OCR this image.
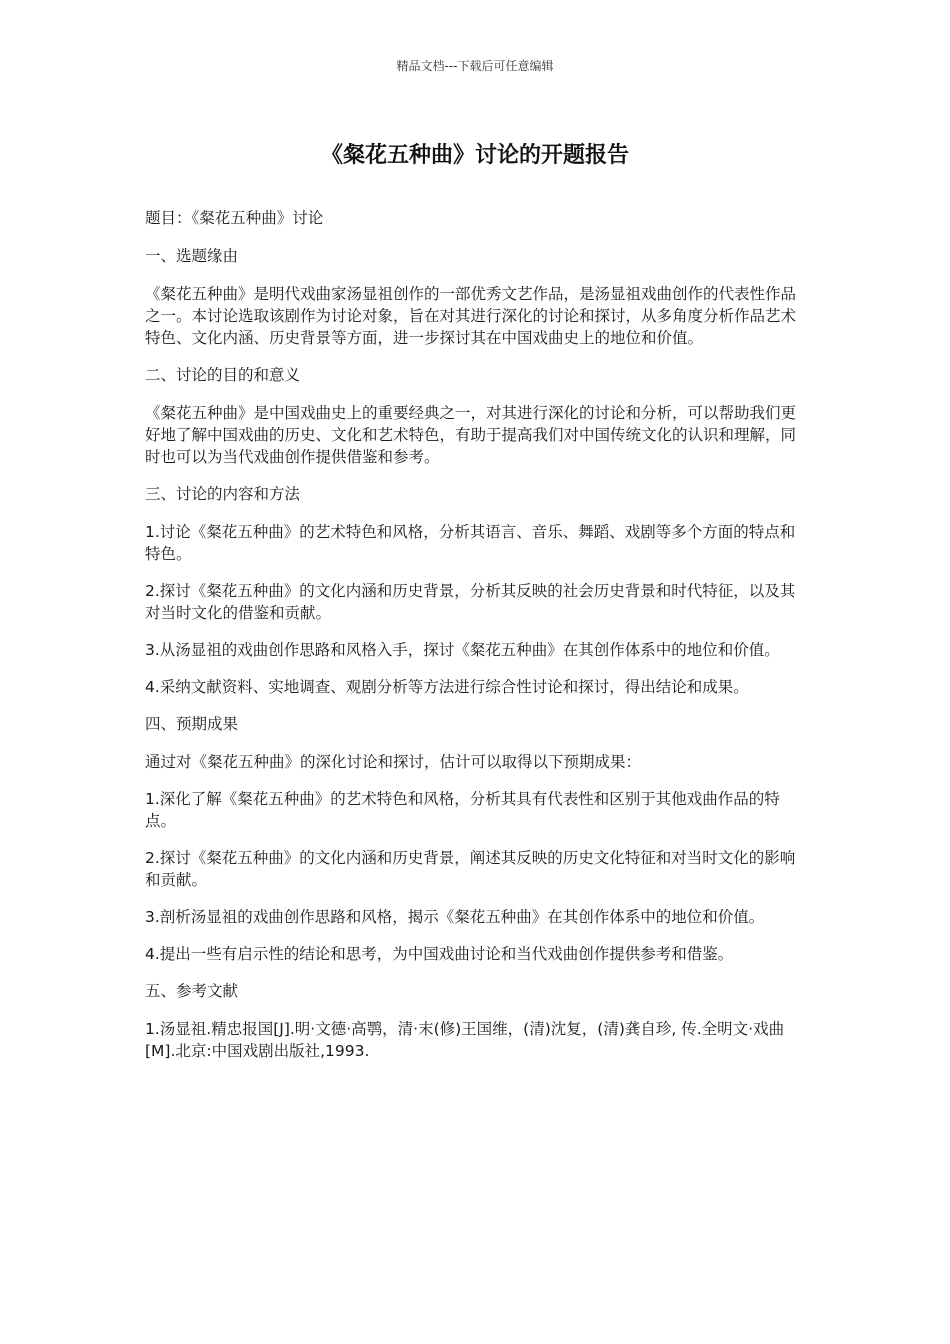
精品文档---下载后可任意编辑
《粲花五种曲》讨论的开题报告

题目：《粲花五种曲》讨论

一、选题缘由

《粲花五种曲》是明代戏曲家汤显祖创作的一部优秀文艺作品，是汤显祖戏曲创作的代表性作品之一。本讨论选取该剧作为讨论对象，旨在对其进行深化的讨论和探讨，从多角度分析作品艺术特色、文化内涵、历史背景等方面，进一步探讨其在中国戏曲史上的地位和价值。

二、讨论的目的和意义

《粲花五种曲》是中国戏曲史上的重要经典之一，对其进行深化的讨论和分析，可以帮助我们更好地了解中国戏曲的历史、文化和艺术特色，有助于提高我们对中国传统文化的认识和理解，同时也可以为当代戏曲创作提供借鉴和参考。

三、讨论的内容和方法

1.讨论《粲花五种曲》的艺术特色和风格，分析其语言、音乐、舞蹈、戏剧等多个方面的特点和特色。

2.探讨《粲花五种曲》的文化内涵和历史背景，分析其反映的社会历史背景和时代特征，以及其对当时文化的借鉴和贡献。

3.从汤显祖的戏曲创作思路和风格入手，探讨《粲花五种曲》在其创作体系中的地位和价值。

4.采纳文献资料、实地调查、观剧分析等方法进行综合性讨论和探讨，得出结论和成果。

四、预期成果

通过对《粲花五种曲》的深化讨论和探讨，估计可以取得以下预期成果：

1.深化了解《粲花五种曲》的艺术特色和风格，分析其具有代表性和区别于其他戏曲作品的特点。

2.探讨《粲花五种曲》的文化内涵和历史背景，阐述其反映的历史文化特征和对当时文化的影响和贡献。

3.剖析汤显祖的戏曲创作思路和风格，揭示《粲花五种曲》在其创作体系中的地位和价值。

4.提出一些有启示性的结论和思考，为中国戏曲讨论和当代戏曲创作提供参考和借鉴。

五、参考文献

1.汤显祖.精忠报国[J].明·文德·高鹗，清·末(修)王国维，(清)沈复，(清)龚自珍, 传.全明文·戏曲[M].北京:中国戏剧出版社,1993.
